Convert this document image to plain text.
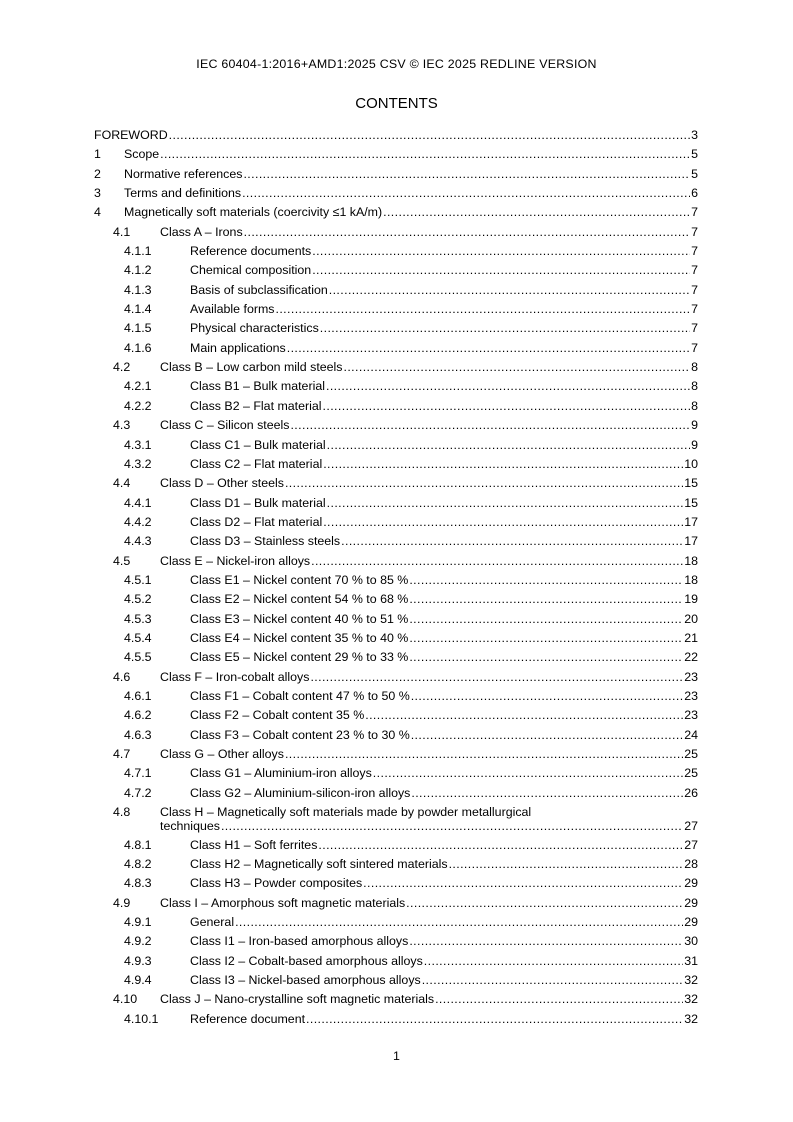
IEC 60404-1:2016+AMD1:2025 CSV © IEC 2025 REDLINE VERSION
CONTENTS
FOREWORD .....	3
1 Scope .....	5
2 Normative references .....	5
3 Terms and definitions .....	6
4 Magnetically soft materials (coercivity ≤1 kA/m) .....	7
4.1 Class A – Irons .....	7
4.1.1	Reference documents .....	7
4.1.2	Chemical composition .....	7
4.1.3	Basis of subclassification .....	7
4.1.4	Available forms .....	7
4.1.5	Physical characteristics .....	7
4.1.6	Main applications .....	7
4.2 Class B – Low carbon mild steels .....	8
4.2.1	Class B1 – Bulk material .....	8
4.2.2	Class B2 – Flat material .....	8
4.3 Class C – Silicon steels .....	9
4.3.1	Class C1 – Bulk material .....	9
4.3.2	Class C2 – Flat material .....	10
4.4 Class D – Other steels .....	15
4.4.1	Class D1 – Bulk material .....	15
4.4.2	Class D2 – Flat material .....	17
4.4.3	Class D3 – Stainless steels .....	17
4.5 Class E – Nickel-iron alloys .....	18
4.5.1	Class E1 – Nickel content 70 % to 85 % .....	18
4.5.2	Class E2 – Nickel content 54 % to 68 % .....	19
4.5.3	Class E3 – Nickel content 40 % to 51 % .....	20
4.5.4	Class E4 – Nickel content 35 % to 40 % .....	21
4.5.5	Class E5 – Nickel content 29 % to 33 % .....	22
4.6 Class F – Iron-cobalt alloys .....	23
4.6.1	Class F1 – Cobalt content 47 % to 50 % .....	23
4.6.2	Class F2 – Cobalt content 35 % .....	23
4.6.3	Class F3 – Cobalt content 23 % to 30 % .....	24
4.7 Class G – Other alloys .....	25
4.7.1	Class G1 – Aluminium-iron alloys .....	25
4.7.2	Class G2 – Aluminium-silicon-iron alloys .....	26
4.8 Class H – Magnetically soft materials made by powder metallurgical
techniques .....	27
4.8.1	Class H1 – Soft ferrites .....	27
4.8.2	Class H2 – Magnetically soft sintered materials .....	28
4.8.3	Class H3 – Powder composites .....	29
4.9 Class I – Amorphous soft magnetic materials .....	29
4.9.1	General .....	29
4.9.2	Class I1 – Iron-based amorphous alloys .....	30
4.9.3	Class I2 – Cobalt-based amorphous alloys .....	31
4.9.4	Class I3 – Nickel-based amorphous alloys .....	32
4.10 Class J – Nano-crystalline soft magnetic materials .....	32
4.10.1	Reference document .....	32
1
